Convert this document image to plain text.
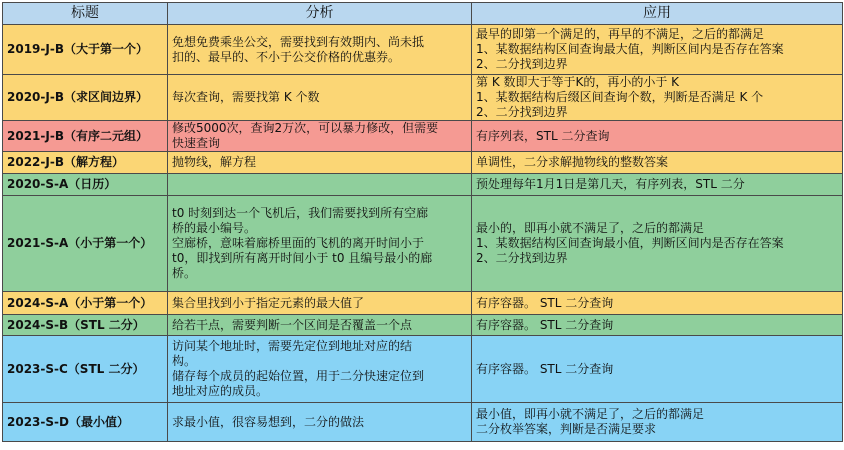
标题	分析	应用
2019-J-B（大于第一个）	免想免费乘坐公交，需要找到有效期内、尚未抵
扣的、最早的、不小于公交价格的优惠券。	最早的即第一个满足的，再早的不满足，之后的都满足
1、某数据结构区间查询最大值，判断区间内是否存在答案
2、二分找到边界

2020-J-B（求区间边界）	每次查询，需要找第 K 个数	第 K 数即大于等于K的，再小的小于 K
1、某数据结构后缀区间查询个数，判断是否满足 K 个
2、二分找到边界

2021-J-B（有序二元组）	修改5000次，查询2万次，可以暴力修改，但需要
快速查询	有序列表，STL 二分查询

2022-J-B（解方程）	抛物线，解方程	单调性，二分求解抛物线的整数答案

2020-S-A（日历）		预处理每年1月1日是第几天，有序列表，STL 二分

2021-S-A（小于第一个）	t0 时刻到达一个飞机后，我们需要找到所有空廊
桥的最小编号。
空廊桥，意味着廊桥里面的飞机的离开时间小于
t0，即找到所有离开时间小于 t0 且编号最小的廊
桥。	最小的，即再小就不满足了，之后的都满足
1、某数据结构区间查询最小值，判断区间内是否存在答案
2、二分找到边界

2024-S-A（小于第一个）	集合里找到小于指定元素的最大值了	有序容器。 STL 二分查询

2024-S-B（STL 二分）	给若干点，需要判断一个区间是否覆盖一个点	有序容器。 STL 二分查询

2023-S-C（STL 二分）	访问某个地址时，需要先定位到地址对应的结
构。
储存每个成员的起始位置，用于二分快速定位到
地址对应的成员。	有序容器。 STL 二分查询

2023-S-D（最小值）	求最小值，很容易想到，二分的做法	最小值，即再小就不满足了，之后的都满足
二分枚举答案，判断是否满足要求
